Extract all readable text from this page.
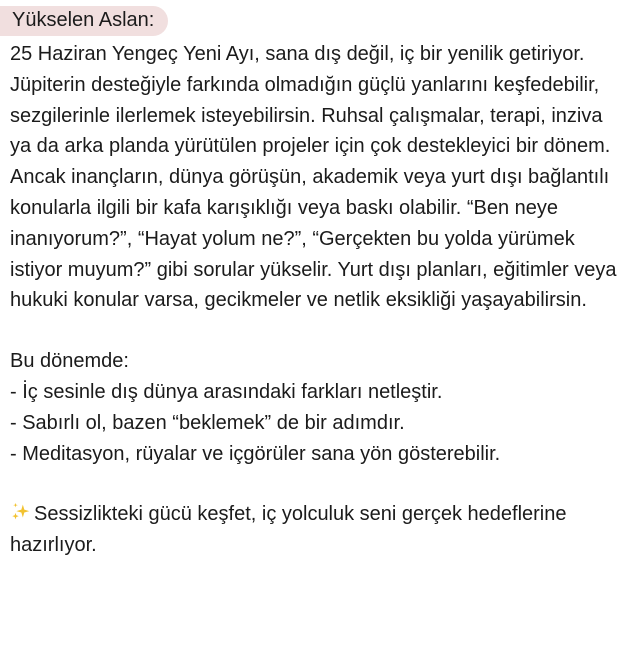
Yükselen Aslan:

25 Haziran Yengeç Yeni Ayı, sana dış değil, iç bir yenilik getiriyor. Jüpiterin desteğiyle farkında olmadığın güçlü yanlarını keşfedebilir, sezgilerinle ilerlemek isteyebilirsin. Ruhsal çalışmalar, terapi, inziva ya da arka planda yürütülen projeler için çok destekleyici bir dönem. Ancak inançların, dünya görüşün, akademik veya yurt dışı bağlantılı konularla ilgili bir kafa karışıklığı veya baskı olabilir. “Ben neye inanıyorum?”, “Hayat yolum ne?”, “Gerçekten bu yolda yürümek istiyor muyum?” gibi sorular yükselir. Yurt dışı planları, eğitimler veya hukuki konular varsa, gecikmeler ve netlik eksikliği yaşayabilirsin.

Bu dönemde:

- İç sesinle dış dünya arasındaki farkları netleştir.
- Sabırlı ol, bazen “beklemek” de bir adımdır.
- Meditasyon, rüyalar ve içgörüler sana yön gösterebilir.

Sessizlikteki gücü keşfet, iç yolculuk seni gerçek hedeflerine hazırlıyor.
